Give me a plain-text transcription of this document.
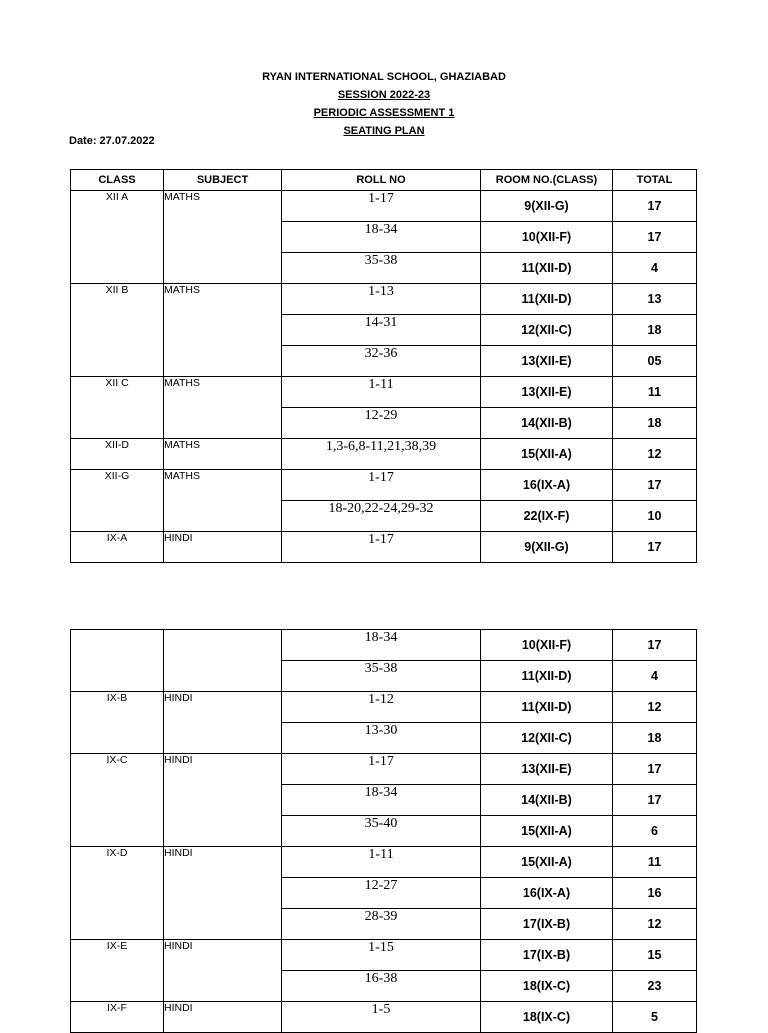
RYAN INTERNATIONAL SCHOOL, GHAZIABAD
SESSION 2022-23
PERIODIC ASSESSMENT 1
SEATING PLAN
Date: 27.07.2022
CLASS	SUBJECT	ROLL NO	ROOM NO.(CLASS)	TOTAL
XII A	MATHS	1-17	9(XII-G)	17
		18-34	10(XII-F)	17
		35-38	11(XII-D)	4
XII B	MATHS	1-13	11(XII-D)	13
		14-31	12(XII-C)	18
		32-36	13(XII-E)	05
XII C	MATHS	1-11	13(XII-E)	11
		12-29	14(XII-B)	18
XII-D	MATHS	1,3-6,8-11,21,38,39	15(XII-A)	12
XII-G	MATHS	1-17	16(IX-A)	17
		18-20,22-24,29-32	22(IX-F)	10
IX-A	HINDI	1-17	9(XII-G)	17
		18-34	10(XII-F)	17
		35-38	11(XII-D)	4
IX-B	HINDI	1-12	11(XII-D)	12
		13-30	12(XII-C)	18
IX-C	HINDI	1-17	13(XII-E)	17
		18-34	14(XII-B)	17
		35-40	15(XII-A)	6
IX-D	HINDI	1-11	15(XII-A)	11
		12-27	16(IX-A)	16
		28-39	17(IX-B)	12
IX-E	HINDI	1-15	17(IX-B)	15
		16-38	18(IX-C)	23
IX-F	HINDI	1-5	18(IX-C)	5
